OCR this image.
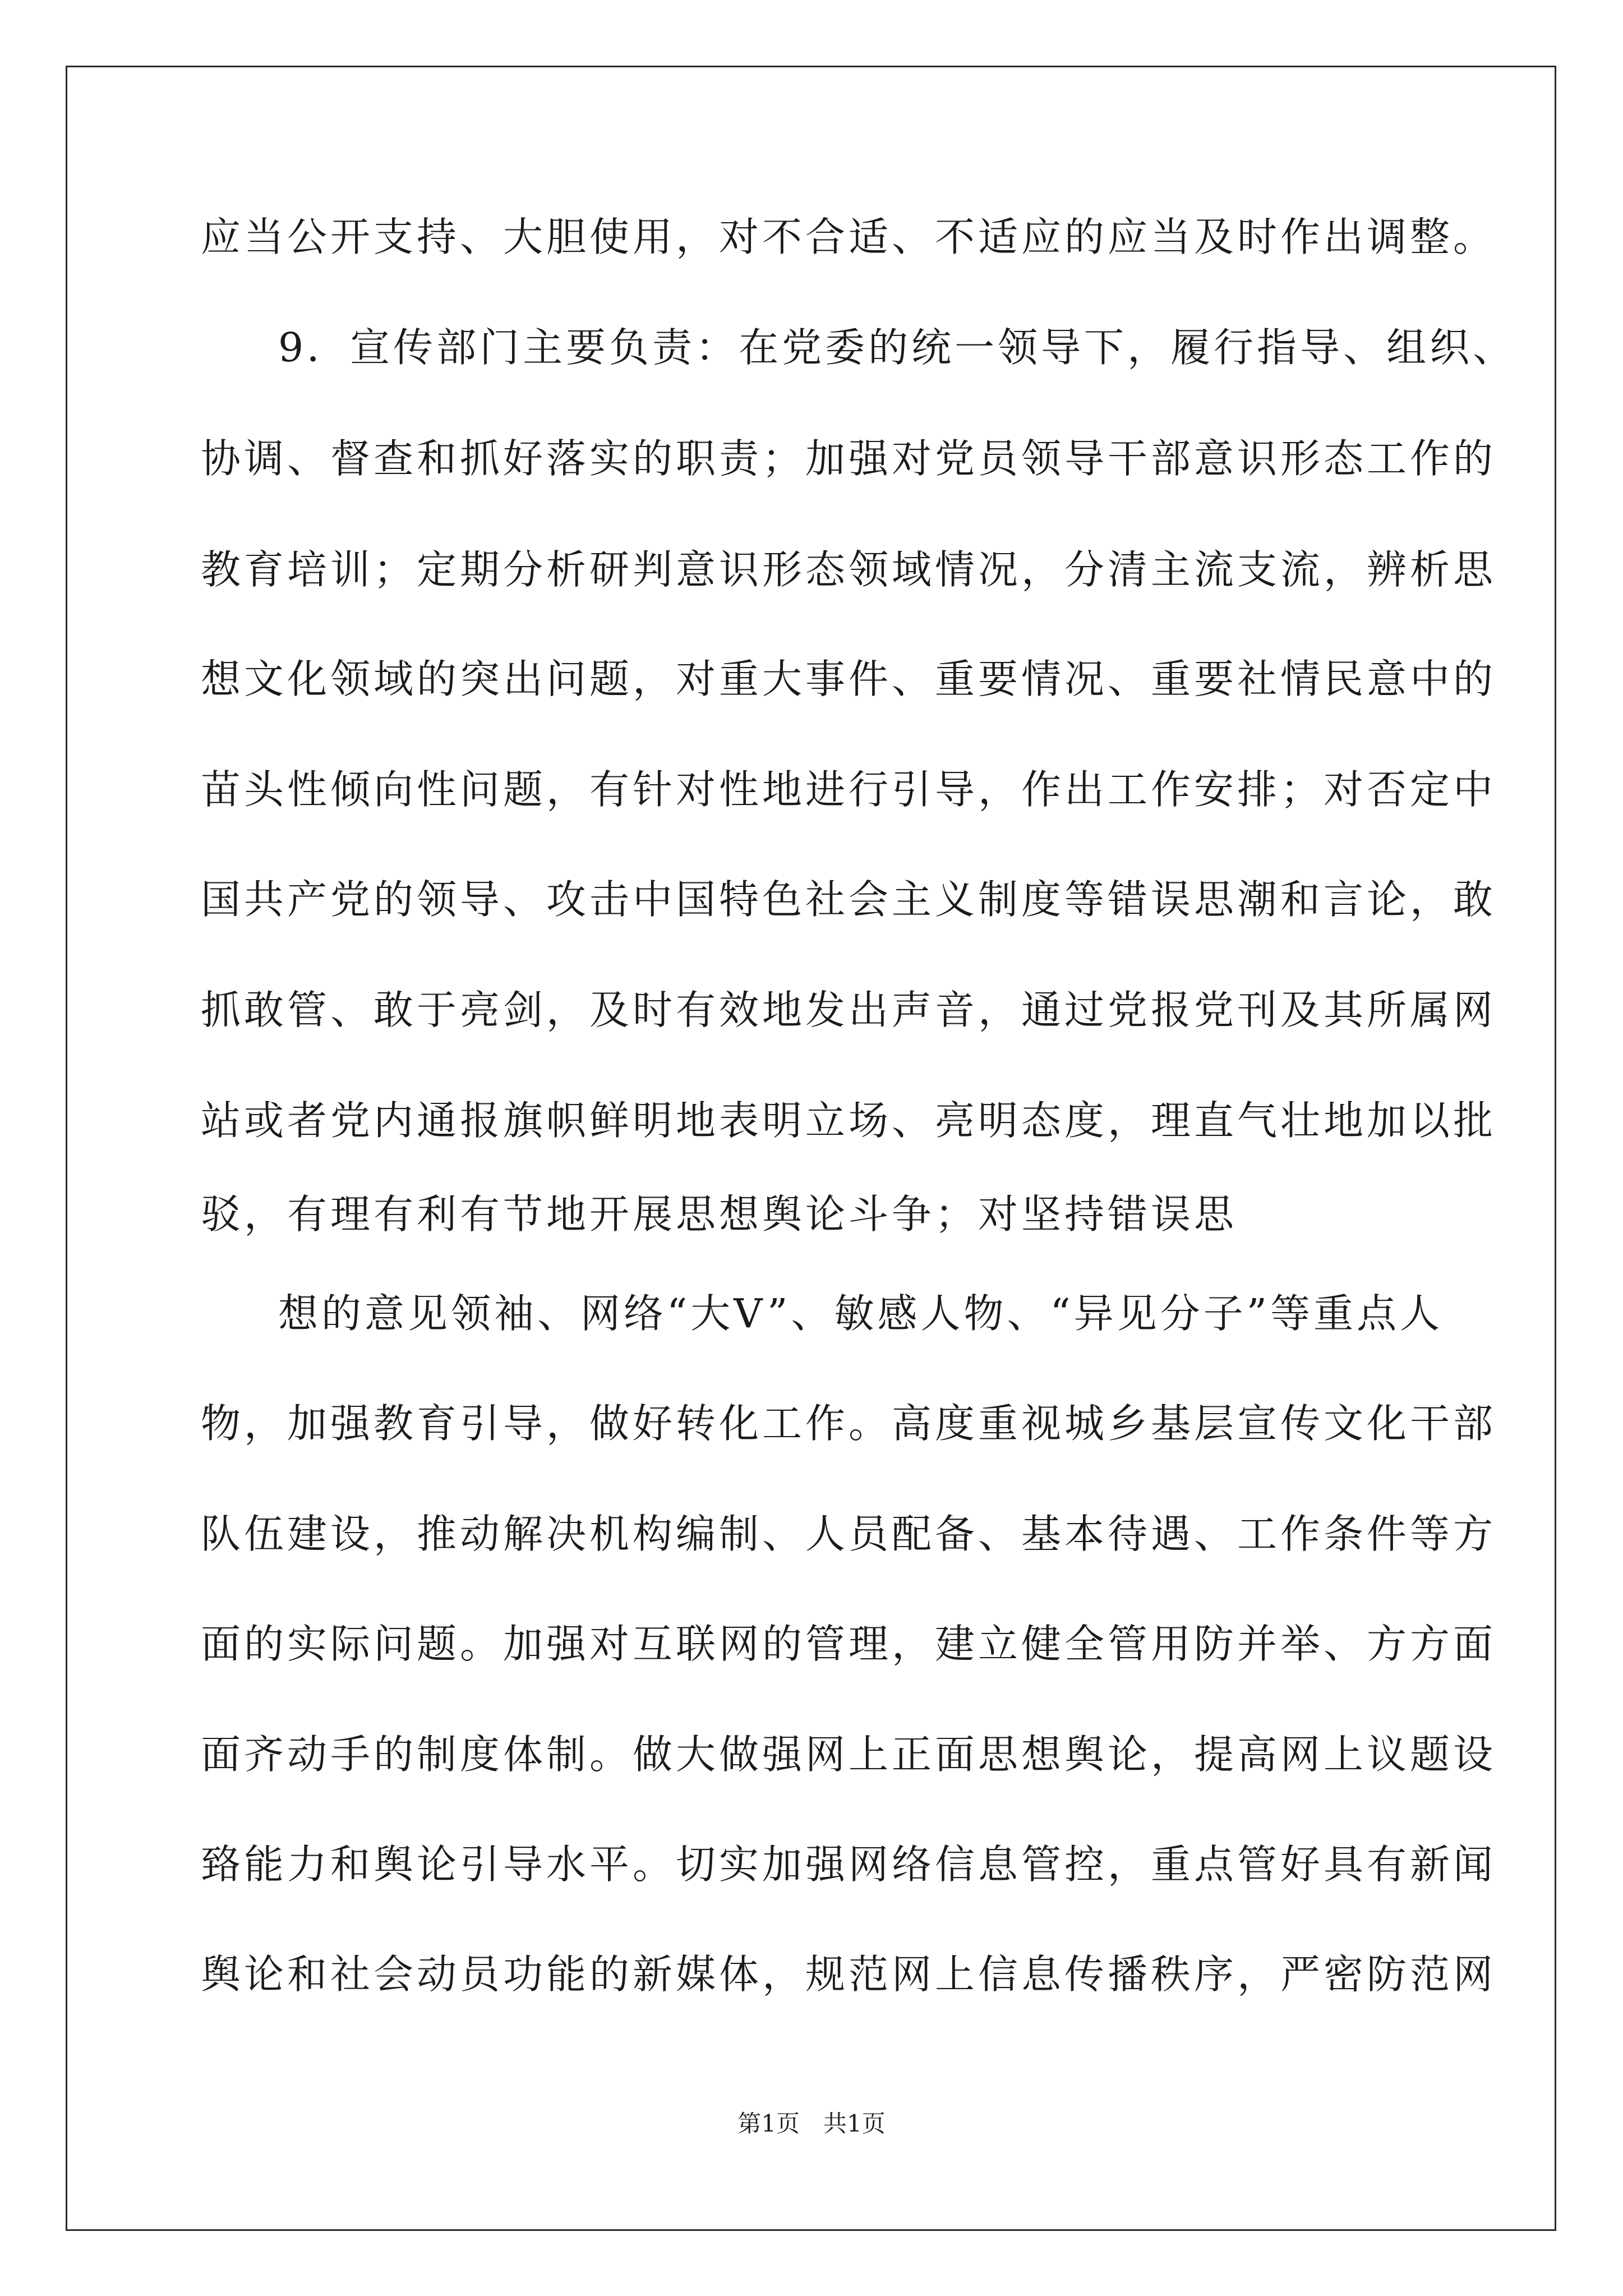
应当公开支持、大胆使用，对不合适、不适应的应当及时作出调整。
9．宣传部门主要负责：在党委的统一领导下，履行指导、组织、
协调、督查和抓好落实的职责；加强对党员领导干部意识形态工作的
教育培训；定期分析研判意识形态领域情况，分清主流支流，辨析思
想文化领域的突出问题，对重大事件、重要情况、重要社情民意中的
苗头性倾向性问题，有针对性地进行引导，作出工作安排；对否定中
国共产党的领导、攻击中国特色社会主义制度等错误思潮和言论，敢
抓敢管、敢于亮剑，及时有效地发出声音，通过党报党刊及其所属网
站或者党内通报旗帜鲜明地表明立场、亮明态度，理直气壮地加以批
驳，有理有利有节地开展思想舆论斗争；对坚持错误思
想的意见领袖、网络“大V”、敏感人物、“异见分子”等重点人
物，加强教育引导，做好转化工作。高度重视城乡基层宣传文化干部
队伍建设，推动解决机构编制、人员配备、基本待遇、工作条件等方
面的实际问题。加强对互联网的管理，建立健全管用防并举、方方面
面齐动手的制度体制。做大做强网上正面思想舆论，提高网上议题设
臵能力和舆论引导水平。切实加强网络信息管控，重点管好具有新闻
舆论和社会动员功能的新媒体，规范网上信息传播秩序，严密防范网
第1页　共1页
